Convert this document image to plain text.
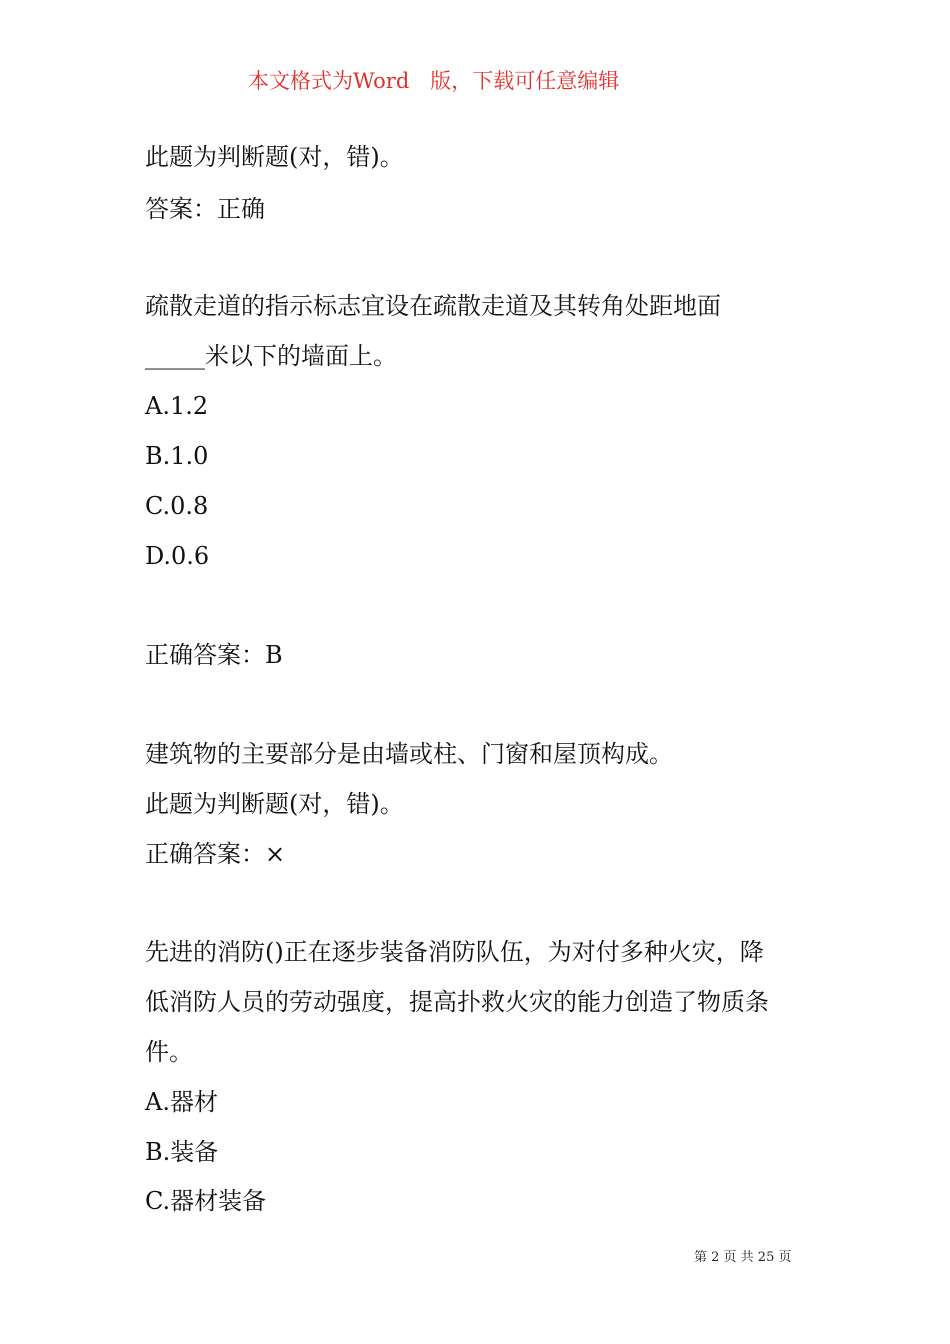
本文格式为Word　版，下载可任意编辑
此题为判断题(对，错)。
答案：正确
疏散走道的指示标志宜设在疏散走道及其转角处距地面
_____米以下的墙面上。
A.1.2
B.1.0
C.0.8
D.0.6
正确答案：B
建筑物的主要部分是由墙或柱、门窗和屋顶构成。
此题为判断题(对，错)。
正确答案：×
先进的消防()正在逐步装备消防队伍，为对付多种火灾，降
低消防人员的劳动强度，提高扑救火灾的能力创造了物质条
件。
A.器材
B.装备
C.器材装备
第 2 页 共 25 页
